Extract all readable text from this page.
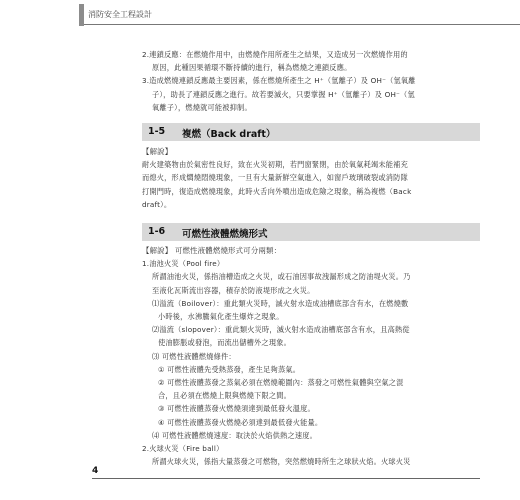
消防安全工程設計

2.連鎖反應：在燃燒作用中，由燃燒作用所產生之結果，又造成另一次燃燒作用的

原因，此種因果循環不斷持續的進行，稱為燃燒之連鎖反應。

3.造成燃燒連鎖反應最主要因素，係在燃燒所產生之 H⁺（氫離子）及 OH⁻（氫氧離

子），助長了連鎖反應之進行。故若要滅火，只要掌握 H⁺（氫離子）及 OH⁻（氫

氧離子），燃燒就可能被抑制。

1-5 複燃（Back draft）

【解說】

耐火建築物由於氣密性良好，致在火災初期，若門窗緊閉，由於氧氣耗竭未能補充

而熄火，形成燜燒悶燒現象，一旦有大量新鮮空氣進入，如窗戶玻璃破裂或消防隊

打開門時，復造成燃燒現象，此時火舌向外噴出造成危險之現象，稱為複燃（Back

draft）。

1-6 可燃性液體燃燒形式

【解說】 可燃性液體燃燒形式可分兩類：

1.油池火災（Pool fire）

所謂油池火災，係指油槽造成之火災，或石油因事故洩漏形成之防油堤火災。乃

至液化瓦斯流出容器，積存於防液堤形成之火災。

⑴溢流（Boilover）：重此類火災時，滅火射水造成油槽底部含有水，在燃燒數

小時後，水沸騰氣化產生爆炸之現象。

⑵溢流（slopover）：重此類火災時，滅火射水造成油槽底部含有水，且高熱從

使油膨脹或發泡，而流出儲槽外之現象。

⑶ 可燃性液體燃燒條件：

① 可燃性液體先受熱蒸發，產生足夠蒸氣。

② 可燃性液體蒸發之蒸氣必須在燃燒範圍內：蒸發之可燃性氣體與空氣之混

合，且必須在燃燒上限與燃燒下限之間。

③ 可燃性液體蒸發火燃燒須達到最低發火溫度。

④ 可燃性液體蒸發火燃燒必須達到最低發火能量。

⑷ 可燃性液體燃燒速度：取決於火焰供熱之速度。

2.火球火災（Fire ball）

所謂火球火災，係指大量蒸發之可燃物，突然燃燒時所生之球狀火焰。火球火災

4
